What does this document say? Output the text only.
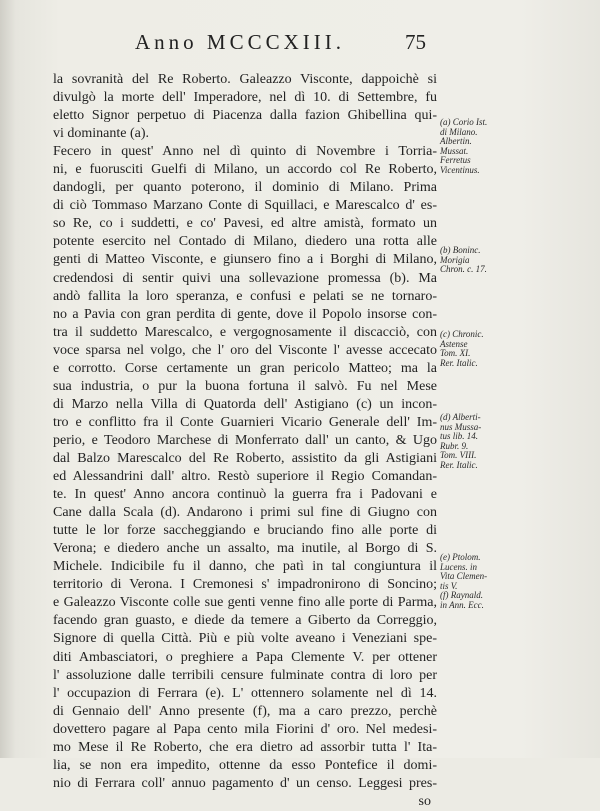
Anno MCCCXIII.	75
la sovranità del Re Roberto. Galeazzo Visconte, dappoichè si
divulgò la morte dell' Imperadore, nel dì 10. di Settembre, fu
eletto Signor perpetuo di Piacenza dalla fazion Ghibellina qui-
vi dominante (a).
Fecero in quest' Anno nel dì quinto di Novembre i Torria-
ni, e fuorusciti Guelfi di Milano, un accordo col Re Roberto,
dandogli, per quanto poterono, il dominio di Milano. Prima
di ciò Tommaso Marzano Conte di Squillaci, e Marescalco d' es-
so Re, co i suddetti, e co' Pavesi, ed altre amistà, formato un
potente esercito nel Contado di Milano, diedero una rotta alle
genti di Matteo Visconte, e giunsero fino a i Borghi di Milano,
credendosi di sentir quivi una sollevazione promessa (b). Ma
andò fallita la loro speranza, e confusi e pelati se ne tornaro-
no a Pavia con gran perdita di gente, dove il Popolo insorse con-
tra il suddetto Marescalco, e vergognosamente il discacciò, con
voce sparsa nel volgo, che l' oro del Visconte l' avesse accecato
e corrotto. Corse certamente un gran pericolo Matteo; ma la
sua industria, o pur la buona fortuna il salvò. Fu nel Mese
di Marzo nella Villa di Quatorda dell' Astigiano (c) un incon-
tro e conflitto fra il Conte Guarnieri Vicario Generale dell' Im-
perio, e Teodoro Marchese di Monferrato dall' un canto, & Ugo
dal Balzo Marescalco del Re Roberto, assistito da gli Astigiani
ed Alessandrini dall' altro. Restò superiore il Regio Comandan-
te. In quest' Anno ancora continuò la guerra fra i Padovani e
Cane dalla Scala (d). Andarono i primi sul fine di Giugno con
tutte le lor forze saccheggiando e bruciando fino alle porte di
Verona; e diedero anche un assalto, ma inutile, al Borgo di S.
Michele. Indicibile fu il danno, che patì in tal congiuntura il
territorio di Verona. I Cremonesi s' impadronirono di Soncino;
e Galeazzo Visconte colle sue genti venne fino alle porte di Parma,
facendo gran guasto, e diede da temere a Giberto da Correggio,
Signore di quella Città. Più e più volte aveano i Veneziani spe-
diti Ambasciatori, o preghiere a Papa Clemente V. per ottener
l' assoluzione dalle terribili censure fulminate contra di loro per
l' occupazion di Ferrara (e). L' ottennero solamente nel dì 14.
di Gennaio dell' Anno presente (f), ma a caro prezzo, perchè
dovettero pagare al Papa cento mila Fiorini d' oro. Nel medesi-
mo Mese il Re Roberto, che era dietro ad assorbir tutta l' Ita-
lia, se non era impedito, ottenne da esso Pontefice il domi-
nio di Ferrara coll' annuo pagamento d' un censo. Leggesi pres-
so
(a) Corio Ist.
di Milano.
Albertin.
Mussat.
Ferretus
Vicentinus.
(b) Boninc.
Morigia
Chron. c. 17.
(c) Chronic.
Astense
Tom. XI.
Rer. Italic.
(d) Alberti-
nus Mussa-
tus lib. 14.
Rubr. 9.
Tom. VIII.
Rer. Italic.
(e) Ptolom.
Lucens. in
Vita Clemen-
tis V.
(f) Raynald.
in Ann. Ecc.
